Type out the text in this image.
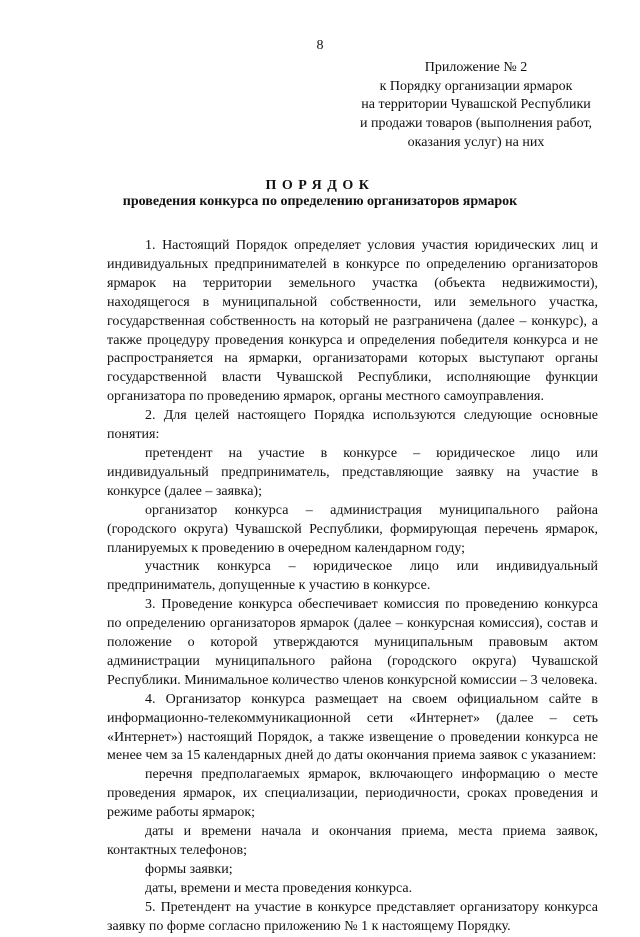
8
Приложение № 2
к Порядку организации ярмарок
на территории Чувашской Республики
и продажи товаров (выполнения работ,
оказания услуг) на них
ПОРЯДОК
проведения конкурса по определению организаторов ярмарок

1. Настоящий Порядок определяет условия участия юридических лиц и индивидуальных предпринимателей в конкурсе по определению организаторов ярмарок на территории земельного участка (объекта недвижимости), находящегося в муниципальной собственности, или земельного участка, государственная собственность на который не разграничена (далее – конкурс), а также процедуру проведения конкурса и определения победителя конкурса и не распространяется на ярмарки, организаторами которых выступают органы государственной власти Чувашской Республики, исполняющие функции организатора по проведению ярмарок, органы местного самоуправления.

2. Для целей настоящего Порядка используются следующие основные понятия:

претендент на участие в конкурсе – юридическое лицо или индивидуальный предприниматель, представляющие заявку на участие в конкурсе (далее – заявка);

организатор конкурса – администрация муниципального района (городского округа) Чувашской Республики, формирующая перечень ярмарок, планируемых к проведению в очередном календарном году;

участник конкурса – юридическое лицо или индивидуальный предприниматель, допущенные к участию в конкурсе.

3. Проведение конкурса обеспечивает комиссия по проведению конкурса по определению организаторов ярмарок (далее – конкурсная комиссия), состав и положение о которой утверждаются муниципальным правовым актом администрации муниципального района (городского округа) Чувашской Республики. Минимальное количество членов конкурсной комиссии – 3 человека.

4. Организатор конкурса размещает на своем официальном сайте в информационно-телекоммуникационной сети «Интернет» (далее – сеть «Интернет») настоящий Порядок, а также извещение о проведении конкурса не менее чем за 15 календарных дней до даты окончания приема заявок с указанием:

перечня предполагаемых ярмарок, включающего информацию о месте проведения ярмарок, их специализации, периодичности, сроках проведения и режиме работы ярмарок;

даты и времени начала и окончания приема, места приема заявок, контактных телефонов;

формы заявки;

даты, времени и места проведения конкурса.

5. Претендент на участие в конкурсе представляет организатору конкурса заявку по форме согласно приложению № 1 к настоящему Порядку.
